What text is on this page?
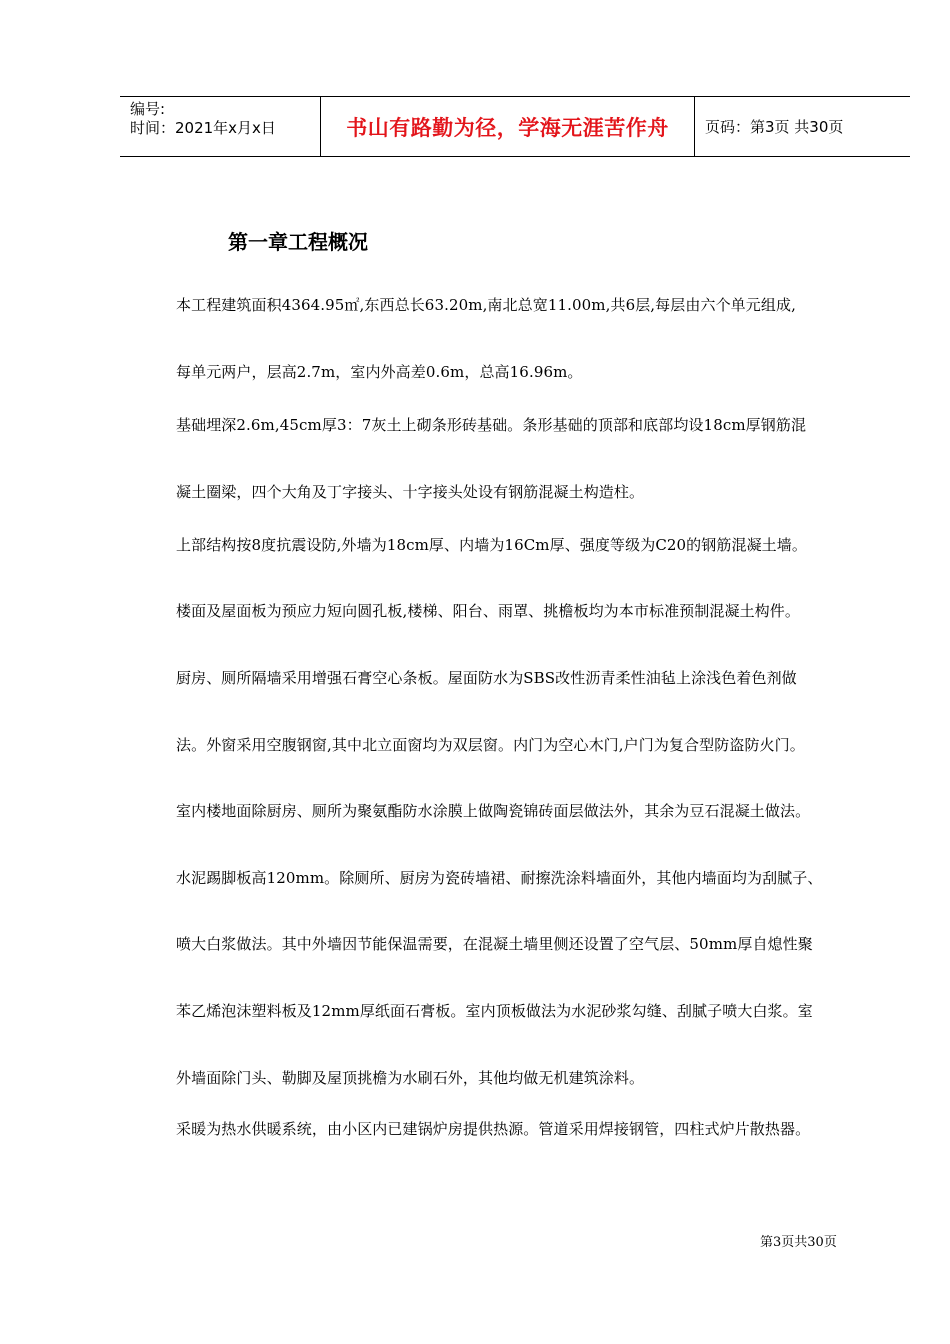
编号:
时间：2021年x月x日	书山有路勤为径，学海无涯苦作舟 页码：第3页 共30页
第一章工程概况
本工程建筑面积4364.95㎡,东西总长63.20m,南北总宽11.00m,共6层,每层由六个单元组成,
每单元两户，层高2.7m，室内外高差0.6m，总高16.96m。
基础埋深2.6m,45cm厚3：7灰土上砌条形砖基础。条形基础的顶部和底部均设18cm厚钢筋混
凝土圈梁，四个大角及丁字接头、十字接头处设有钢筋混凝土构造柱。
上部结构按8度抗震设防,外墙为18cm厚、内墙为16Cm厚、强度等级为C20的钢筋混凝土墙。
楼面及屋面板为预应力短向圆孔板,楼梯、阳台、雨罩、挑檐板均为本市标准预制混凝土构件。
厨房、厕所隔墙采用增强石膏空心条板。屋面防水为SBS改性沥青柔性油毡上涂浅色着色剂做
法。外窗采用空腹钢窗,其中北立面窗均为双层窗。内门为空心木门,户门为复合型防盗防火门。
室内楼地面除厨房、厕所为聚氨酯防水涂膜上做陶瓷锦砖面层做法外，其余为豆石混凝土做法。
水泥踢脚板高120mm。除厕所、厨房为瓷砖墙裙、耐擦洗涂料墙面外，其他内墙面均为刮腻子、
喷大白浆做法。其中外墙因节能保温需要，在混凝土墙里侧还设置了空气层、50mm厚自熄性聚
苯乙烯泡沫塑料板及12mm厚纸面石膏板。室内顶板做法为水泥砂浆勾缝、刮腻子喷大白浆。室
外墙面除门头、勒脚及屋顶挑檐为水刷石外，其他均做无机建筑涂料。
采暖为热水供暖系统，由小区内已建锅炉房提供热源。管道采用焊接钢管，四柱式炉片散热器。
第3页共30页
